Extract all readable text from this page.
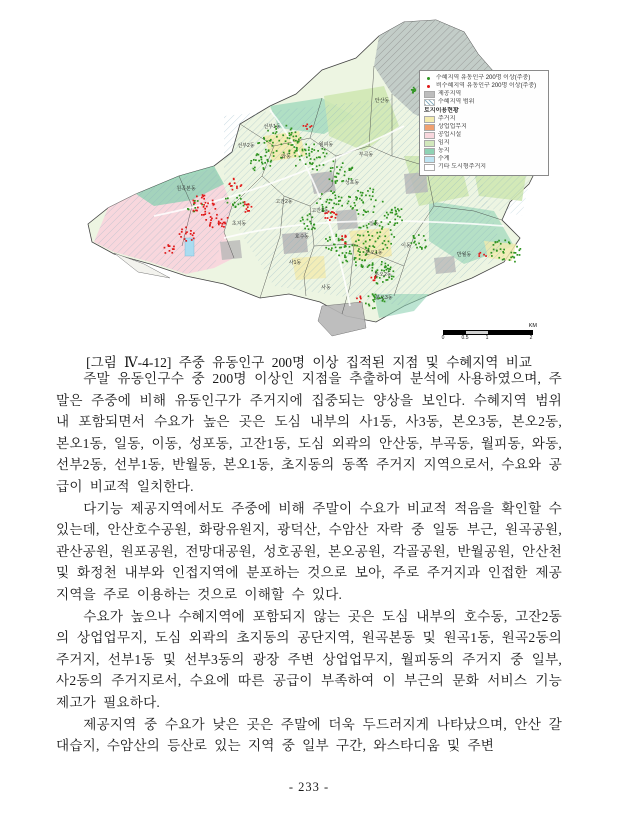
안산동
선부1동
선부2동
와동
월피동
부곡동
원곡본동
초지동
성포동
고잔2동
고잔1동
호수동
사1동
사동
본오1동
본오2동
본오3동
일동
이동
반월동
수혜지역 유동인구 200명 이상(주중)
비수혜지역 유동인구 200명 이상(주중)
제공지역
수혜지역 범위
토지이용현황
주거지
상업업무지
공업시설
임지
농지
수계
기타 도시형주거지
KM
0	0.5	1	2
[그림 Ⅳ-4-12] 주중 유동인구 200명 이상 집적된 지점 및 수혜지역 비교

주말 유동인구수 중 200명 이상인 지점을 추출하여 분석에 사용하였으며, 주말은 주중에 비해 유동인구가 주거지에 집중되는 양상을 보인다. 수혜지역 범위 내 포함되면서 수요가 높은 곳은 도심 내부의 사1동, 사3동, 본오3동, 본오2동, 본오1동, 일동, 이동, 성포동, 고잔1동, 도심 외곽의 안산동, 부곡동, 월피동, 와동, 선부2동, 선부1동, 반월동, 본오1동, 초지동의 동쪽 주거지 지역으로서, 수요와 공급이 비교적 일치한다.

다기능 제공지역에서도 주중에 비해 주말이 수요가 비교적 적음을 확인할 수 있는데, 안산호수공원, 화랑유원지, 광덕산, 수암산 자락 중 일동 부근, 원곡공원, 관산공원, 원포공원, 전망대공원, 성호공원, 본오공원, 각골공원, 반월공원, 안산천 및 화정천 내부와 인접지역에 분포하는 것으로 보아, 주로 주거지과 인접한 제공지역을 주로 이용하는 것으로 이해할 수 있다.

수요가 높으나 수혜지역에 포함되지 않는 곳은 도심 내부의 호수동, 고잔2동의 상업업무지, 도심 외곽의 초지동의 공단지역, 원곡본동 및 원곡1동, 원곡2동의 주거지, 선부1동 및 선부3동의 광장 주변 상업업무지, 월피동의 주거지 중 일부, 사2동의 주거지로서, 수요에 따른 공급이 부족하여 이 부근의 문화 서비스 기능 제고가 필요하다.

제공지역 중 수요가 낮은 곳은 주말에 더욱 두드러지게 나타났으며, 안산 갈대습지, 수암산의 등산로 있는 지역 중 일부 구간, 와스타디움 및 주변

- 233 -
